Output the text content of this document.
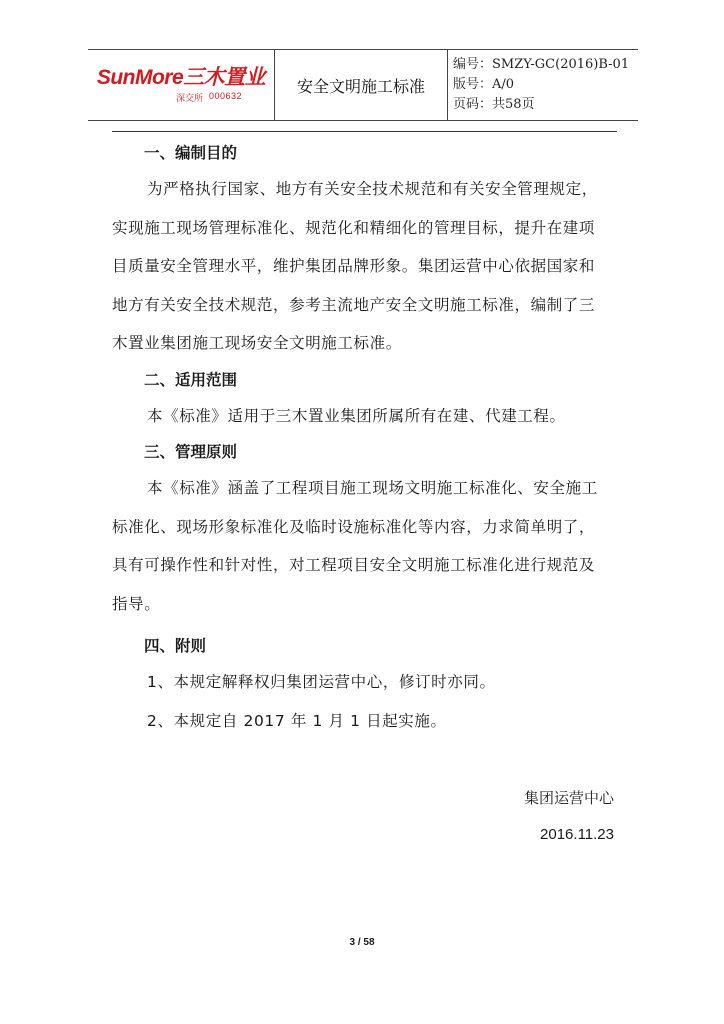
SunMore三木置业
深交所 000632	安全文明施工标准
编号：SMZY-GC(2016)B-01
版号：A/0
页码：共58页
一、编制目的
为严格执行国家、地方有关安全技术规范和有关安全管理规定，
实现施工现场管理标准化、规范化和精细化的管理目标，提升在建项
目质量安全管理水平，维护集团品牌形象。集团运营中心依据国家和
地方有关安全技术规范，参考主流地产安全文明施工标准，编制了三
木置业集团施工现场安全文明施工标准。
二、适用范围
本《标准》适用于三木置业集团所属所有在建、代建工程。
三、管理原则
本《标准》涵盖了工程项目施工现场文明施工标准化、安全施工
标准化、现场形象标准化及临时设施标准化等内容，力求简单明了，
具有可操作性和针对性，对工程项目安全文明施工标准化进行规范及
指导。
四、附则
1、本规定解释权归集团运营中心，修订时亦同。
2、本规定自 2017 年 1 月 1 日起实施。
集团运营中心
2016.11.23
3 / 58
